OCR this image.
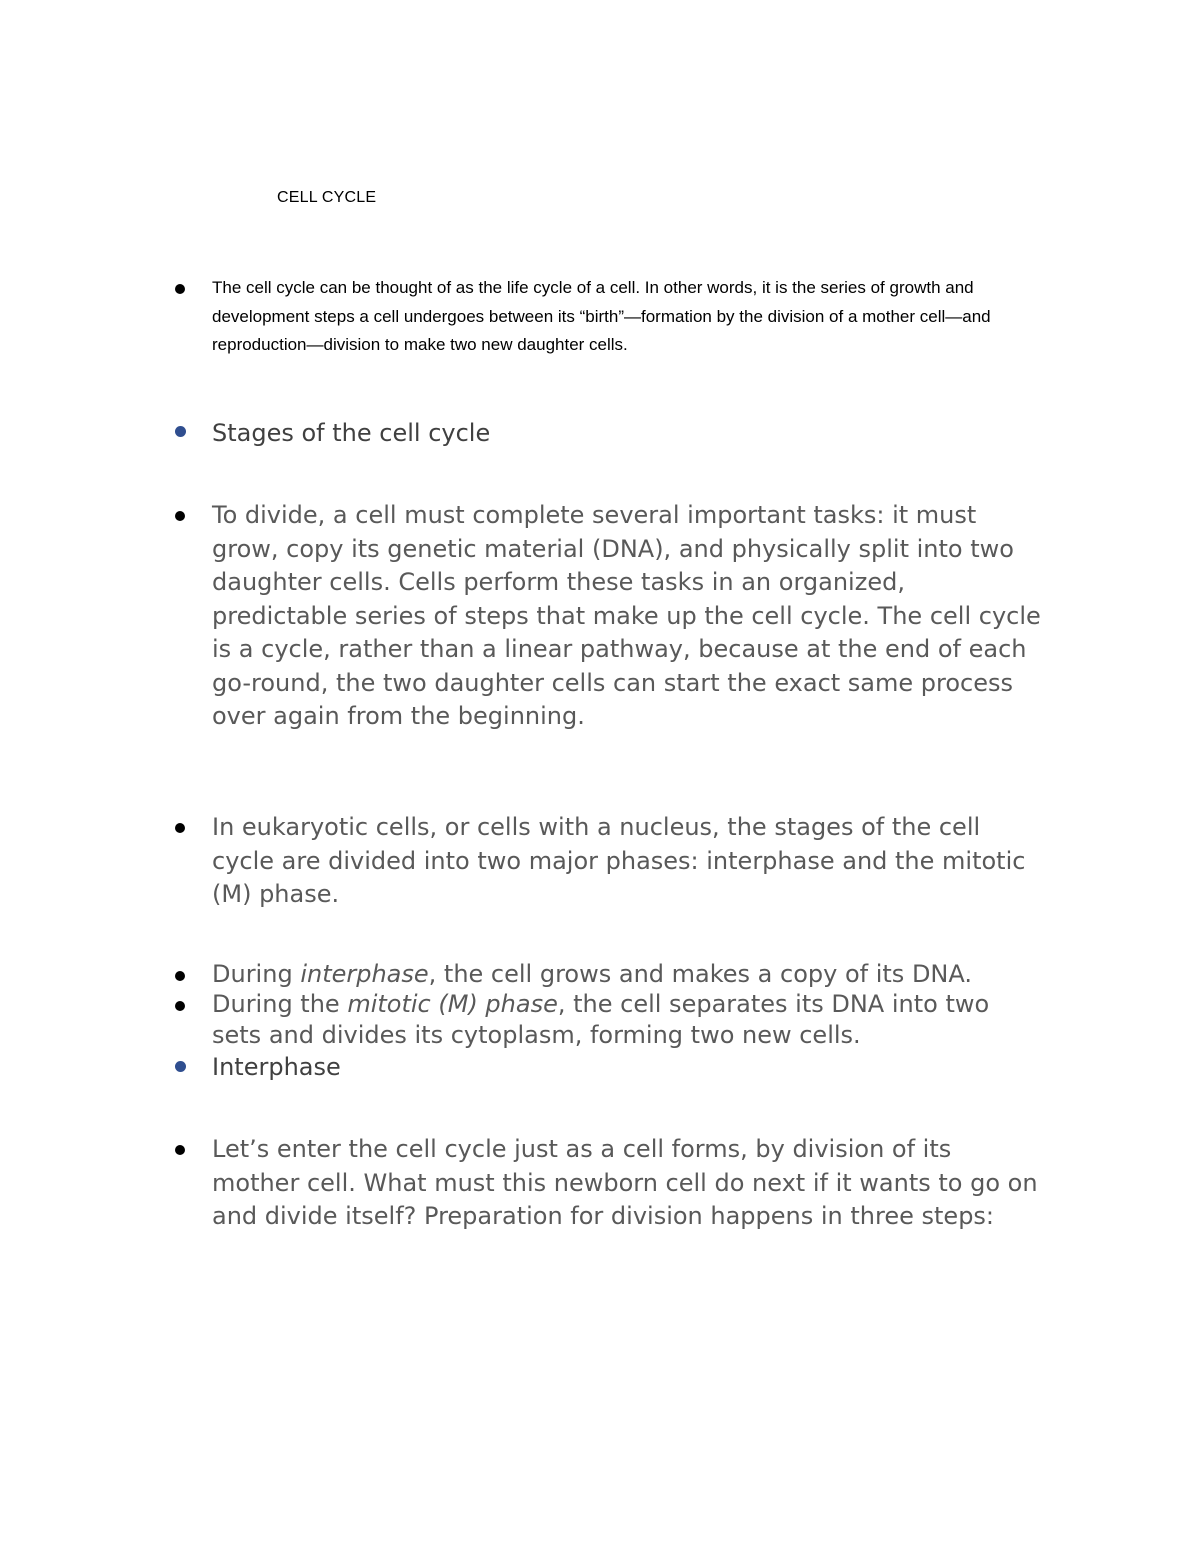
CELL CYCLE

The cell cycle can be thought of as the life cycle of a cell. In other words, it is the series of growth and development steps a cell undergoes between its “birth”—formation by the division of a mother cell—and reproduction—division to make two new daughter cells.

Stages of the cell cycle

To divide, a cell must complete several important tasks: it must grow, copy its genetic material (DNA), and physically split into two daughter cells. Cells perform these tasks in an organized, predictable series of steps that make up the cell cycle. The cell cycle is a cycle, rather than a linear pathway, because at the end of each go-round, the two daughter cells can start the exact same process over again from the beginning.

In eukaryotic cells, or cells with a nucleus, the stages of the cell cycle are divided into two major phases: interphase and the mitotic (M) phase.

During interphase, the cell grows and makes a copy of its DNA.

During the mitotic (M) phase, the cell separates its DNA into two sets and divides its cytoplasm, forming two new cells.

Interphase

Let’s enter the cell cycle just as a cell forms, by division of its mother cell. What must this newborn cell do next if it wants to go on and divide itself? Preparation for division happens in three steps:
